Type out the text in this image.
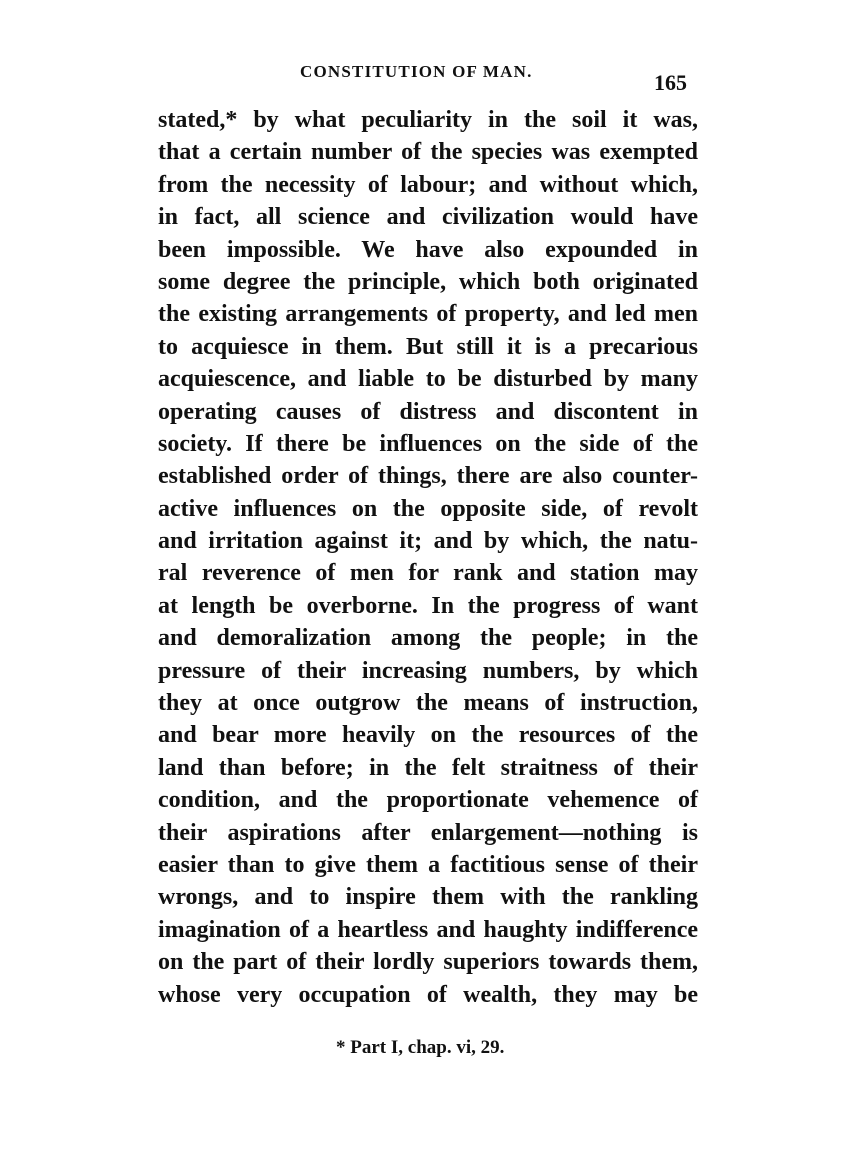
CONSTITUTION OF MAN.	165
stated,* by what peculiarity in the soil it was,
that a certain number of the species was exempted
from the necessity of labour; and without which,
in fact, all science and civilization would have
been impossible. We have also expounded in
some degree the principle, which both originated
the existing arrangements of property, and led men
to acquiesce in them. But still it is a precarious
acquiescence, and liable to be disturbed by many
operating causes of distress and discontent in
society. If there be influences on the side of the
established order of things, there are also counter-
active influences on the opposite side, of revolt
and irritation against it; and by which, the natu-
ral reverence of men for rank and station may
at length be overborne. In the progress of want
and demoralization among the people; in the
pressure of their increasing numbers, by which
they at once outgrow the means of instruction,
and bear more heavily on the resources of the
land than before; in the felt straitness of their
condition, and the proportionate vehemence of
their aspirations after enlargement—nothing is
easier than to give them a factitious sense of their
wrongs, and to inspire them with the rankling
imagination of a heartless and haughty indifference
on the part of their lordly superiors towards them,
whose very occupation of wealth, they may be
* Part I, chap. vi, 29.
